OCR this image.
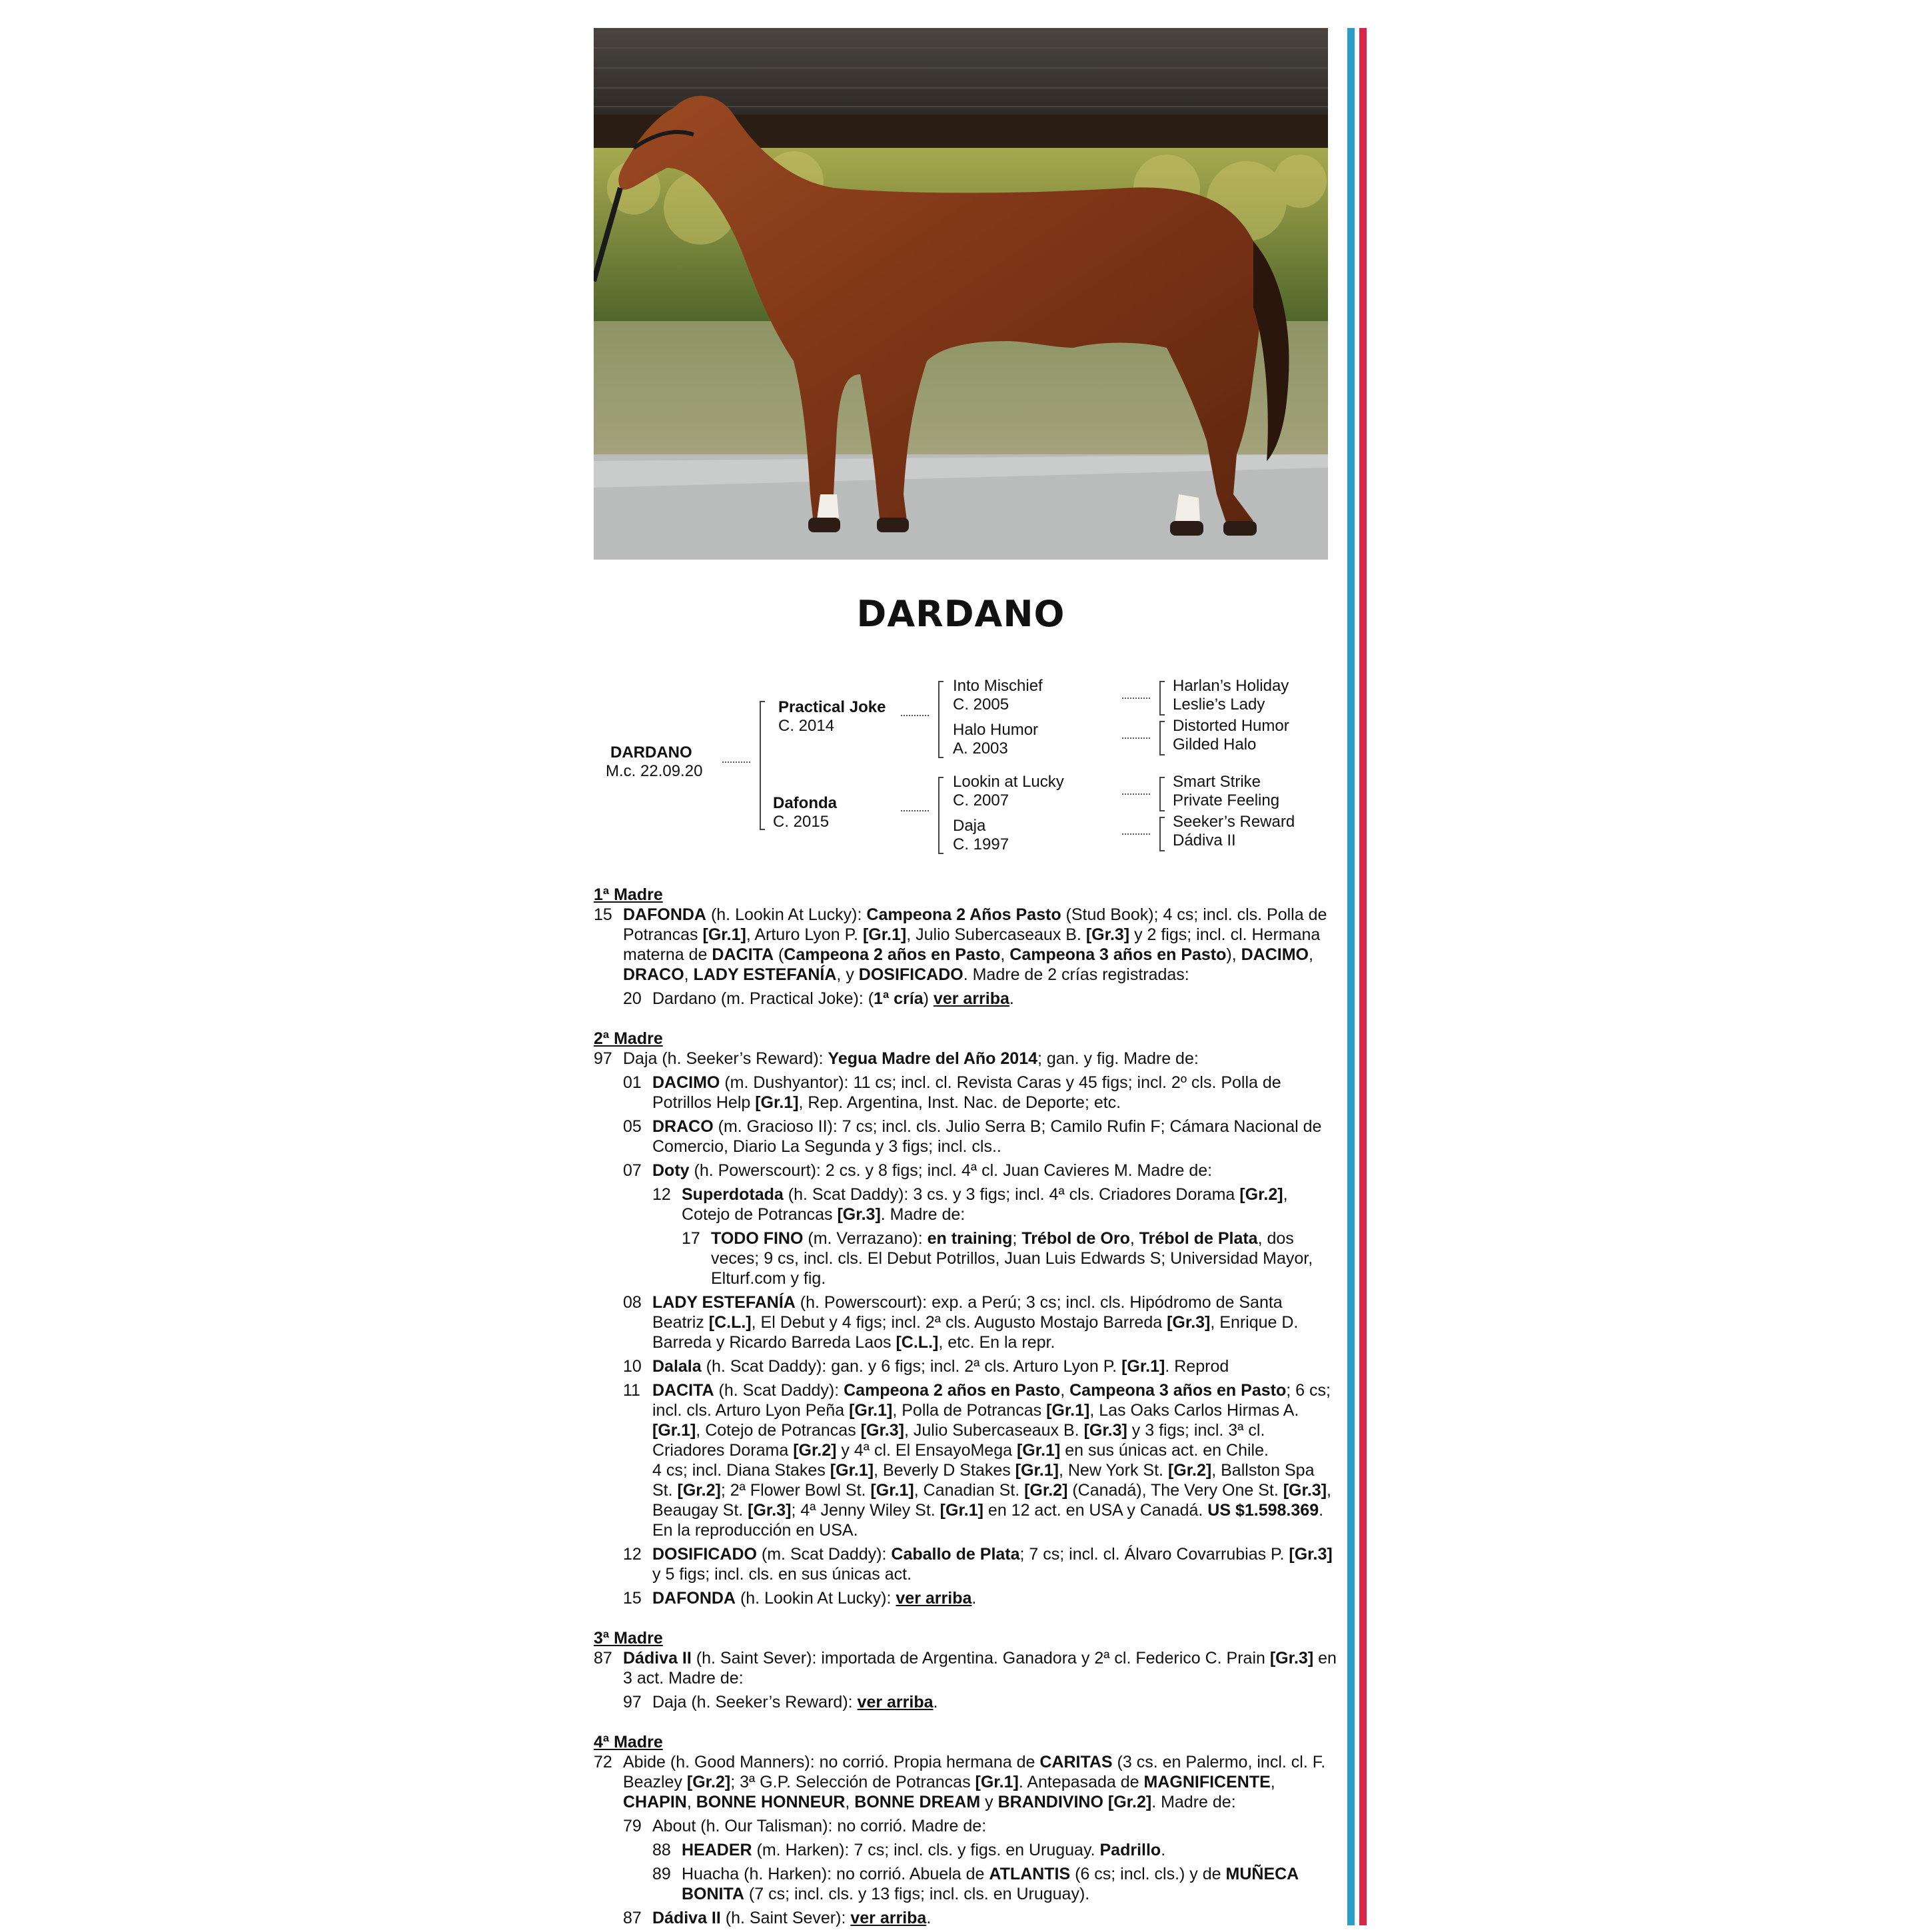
DARDANO
DARDANO
M.c. 22.09.20
Practical Joke
C. 2014
Dafonda
C. 2015
Into Mischief
C. 2005
Halo Humor
A. 2003
Lookin at Lucky
C. 2007
Daja
C. 1997
Harlan’s Holiday
Leslie’s Lady
Distorted Humor
Gilded Halo
Smart Strike
Private Feeling
Seeker’s Reward
Dádiva II
1ª Madre
15 DAFONDA (h. Lookin At Lucky): Campeona 2 Años Pasto (Stud Book); 4 cs; incl. cls. Polla de Potrancas [Gr.1], Arturo Lyon P. [Gr.1], Julio Subercaseaux B. [Gr.3] y 2 figs; incl. cl. Hermana materna de DACITA (Campeona 2 años en Pasto, Campeona 3 años en Pasto), DACIMO, DRACO, LADY ESTEFANÍA, y DOSIFICADO. Madre de 2 crías registradas:
20 Dardano (m. Practical Joke): (1ª cría) ver arriba.
2ª Madre
97 Daja (h. Seeker’s Reward): Yegua Madre del Año 2014; gan. y fig. Madre de:
01 DACIMO (m. Dushyantor): 11 cs; incl. cl. Revista Caras y 45 figs; incl. 2º cls. Polla de Potrillos Help [Gr.1], Rep. Argentina, Inst. Nac. de Deporte; etc.
05 DRACO (m. Gracioso II): 7 cs; incl. cls. Julio Serra B; Camilo Rufin F; Cámara Nacional de Comercio, Diario La Segunda y 3 figs; incl. cls..
07 Doty (h. Powerscourt): 2 cs. y 8 figs; incl. 4ª cl. Juan Cavieres M. Madre de:
12 Superdotada (h. Scat Daddy): 3 cs. y 3 figs; incl. 4ª cls. Criadores Dorama [Gr.2], Cotejo de Potrancas [Gr.3]. Madre de:
17 TODO FINO (m. Verrazano): en training; Trébol de Oro, Trébol de Plata, dos veces; 9 cs, incl. cls. El Debut Potrillos, Juan Luis Edwards S; Universidad Mayor, Elturf.com y fig.
08 LADY ESTEFANÍA (h. Powerscourt): exp. a Perú; 3 cs; incl. cls. Hipódromo de Santa Beatriz [C.L.], El Debut y 4 figs; incl. 2ª cls. Augusto Mostajo Barreda [Gr.3], Enrique D. Barreda y Ricardo Barreda Laos [C.L.], etc. En la repr.
10 Dalala (h. Scat Daddy): gan. y 6 figs; incl. 2ª cls. Arturo Lyon P. [Gr.1]. Reprod
11 DACITA (h. Scat Daddy): Campeona 2 años en Pasto, Campeona 3 años en Pasto; 6 cs; incl. cls. Arturo Lyon Peña [Gr.1], Polla de Potrancas [Gr.1], Las Oaks Carlos Hirmas A. [Gr.1], Cotejo de Potrancas [Gr.3], Julio Subercaseaux B. [Gr.3] y 3 figs; incl. 3ª cl. Criadores Dorama [Gr.2] y 4ª cl. El EnsayoMega [Gr.1] en sus únicas act. en Chile.
4 cs; incl. Diana Stakes [Gr.1], Beverly D Stakes [Gr.1], New York St. [Gr.2], Ballston Spa St. [Gr.2]; 2ª Flower Bowl St. [Gr.1], Canadian St. [Gr.2] (Canadá), The Very One St. [Gr.3], Beaugay St. [Gr.3]; 4ª Jenny Wiley St. [Gr.1] en 12 act. en USA y Canadá. US $1.598.369. En la reproducción en USA.
12 DOSIFICADO (m. Scat Daddy): Caballo de Plata; 7 cs; incl. cl. Álvaro Covarrubias P. [Gr.3] y 5 figs; incl. cls. en sus únicas act.
15 DAFONDA (h. Lookin At Lucky): ver arriba.
3ª Madre
87 Dádiva II (h. Saint Sever): importada de Argentina. Ganadora y 2ª cl. Federico C. Prain [Gr.3] en 3 act. Madre de:
97 Daja (h. Seeker’s Reward): ver arriba.
4ª Madre
72 Abide (h. Good Manners): no corrió. Propia hermana de CARITAS (3 cs. en Palermo, incl. cl. F. Beazley [Gr.2]; 3ª G.P. Selección de Potrancas [Gr.1]. Antepasada de MAGNIFICENTE, CHAPIN, BONNE HONNEUR, BONNE DREAM y BRANDIVINO [Gr.2]. Madre de:
79 About (h. Our Talisman): no corrió. Madre de:
88 HEADER (m. Harken): 7 cs; incl. cls. y figs. en Uruguay. Padrillo.
89 Huacha (h. Harken): no corrió. Abuela de ATLANTIS (6 cs; incl. cls.) y de MUÑECA BONITA (7 cs; incl. cls. y 13 figs; incl. cls. en Uruguay).
87 Dádiva II (h. Saint Sever): ver arriba.
